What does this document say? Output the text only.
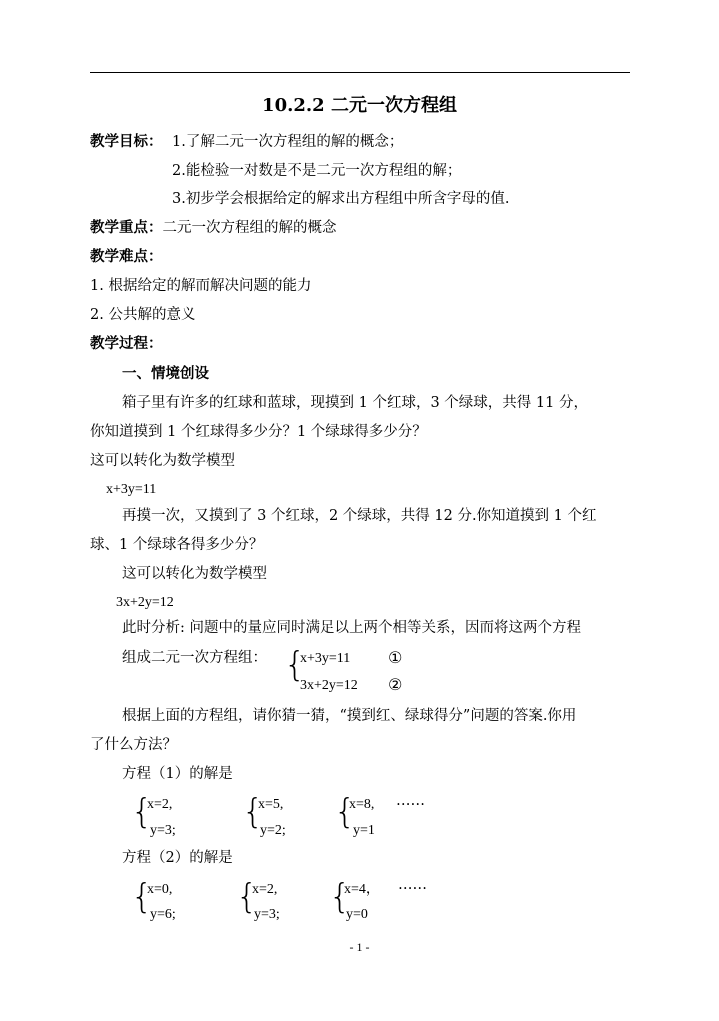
10.2.2 二元一次方程组
教学目标： 1.了解二元一次方程组的解的概念；
2.能检验一对数是不是二元一次方程组的解；
3.初步学会根据给定的解求出方程组中所含字母的值.
教学重点：二元一次方程组的解的概念
教学难点：
1. 根据给定的解而解决问题的能力
2. 公共解的意义
教学过程：
一、情境创设
箱子里有许多的红球和蓝球，现摸到 1 个红球，3 个绿球，共得 11 分，
你知道摸到 1 个红球得多少分？1 个绿球得多少分？
这可以转化为数学模型
x+3y=11
再摸一次，又摸到了 3 个红球，2 个绿球，共得 12 分.你知道摸到 1 个红
球、1 个绿球各得多少分？
这可以转化为数学模型
3x+2y=12
此时分析: 问题中的量应同时满足以上两个相等关系，因而将这两个方程
组成二元一次方程组： {
x+3y=11 ①
3x+2y=12 ②
根据上面的方程组，请你猜一猜，“摸到红、绿球得分”问题的答案.你用
了什么方法？
方程（1）的解是
{
x=2,
y=3; {
x=5,
y=2; {
x=8,
y=1
……
方程（2）的解是
{
x=0,
y=6; {
x=2,
y=3; {
x=4，
y=0
……
- 1 -
